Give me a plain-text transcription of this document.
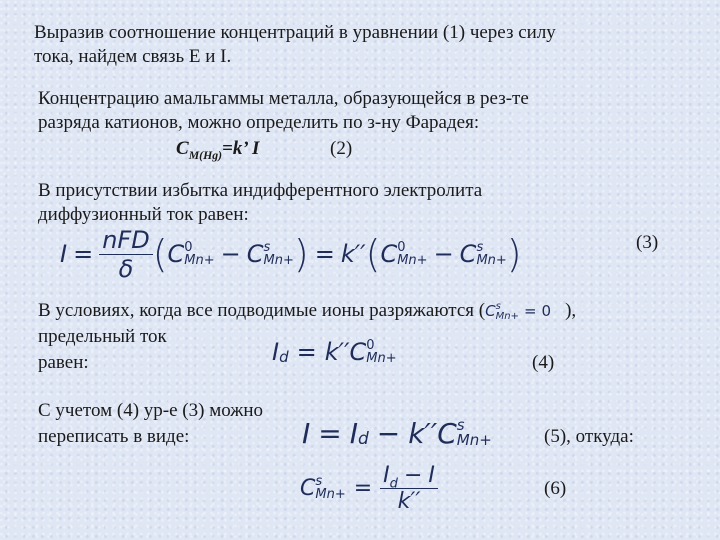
Выразив соотношение концентраций в уравнении (1) через силу
тока, найдем связь E и I.
Концентрацию амальгаммы металла, образующейся в рез-те
разряда катионов, можно определить по з-ну Фарадея:
$C_{M(Hg)}=k$’ I	(2)
В присутствии избытка индифферентного электролита
диффузионный ток равен:
$I = \frac{\text{nFD}}{\delta}$ ( C 0
Mn+ − C s
Mn+ ) = k′′ ( C 0
Mn+ − C s
Mn+ )	(3)
В условиях, когда все подводимые ионы разряжаются (C s
Mn+ = 0 ),
предельный ток
равен:	I d = k′′ C 0
Mn+	(4)
С учетом (4) ур-е (3) можно
переписать в виде:	I = I d − k′′ C s
Mn+	(5), откуда:
C s
$Mn+ = \frac{I_d - I}{k''}$	(6)
